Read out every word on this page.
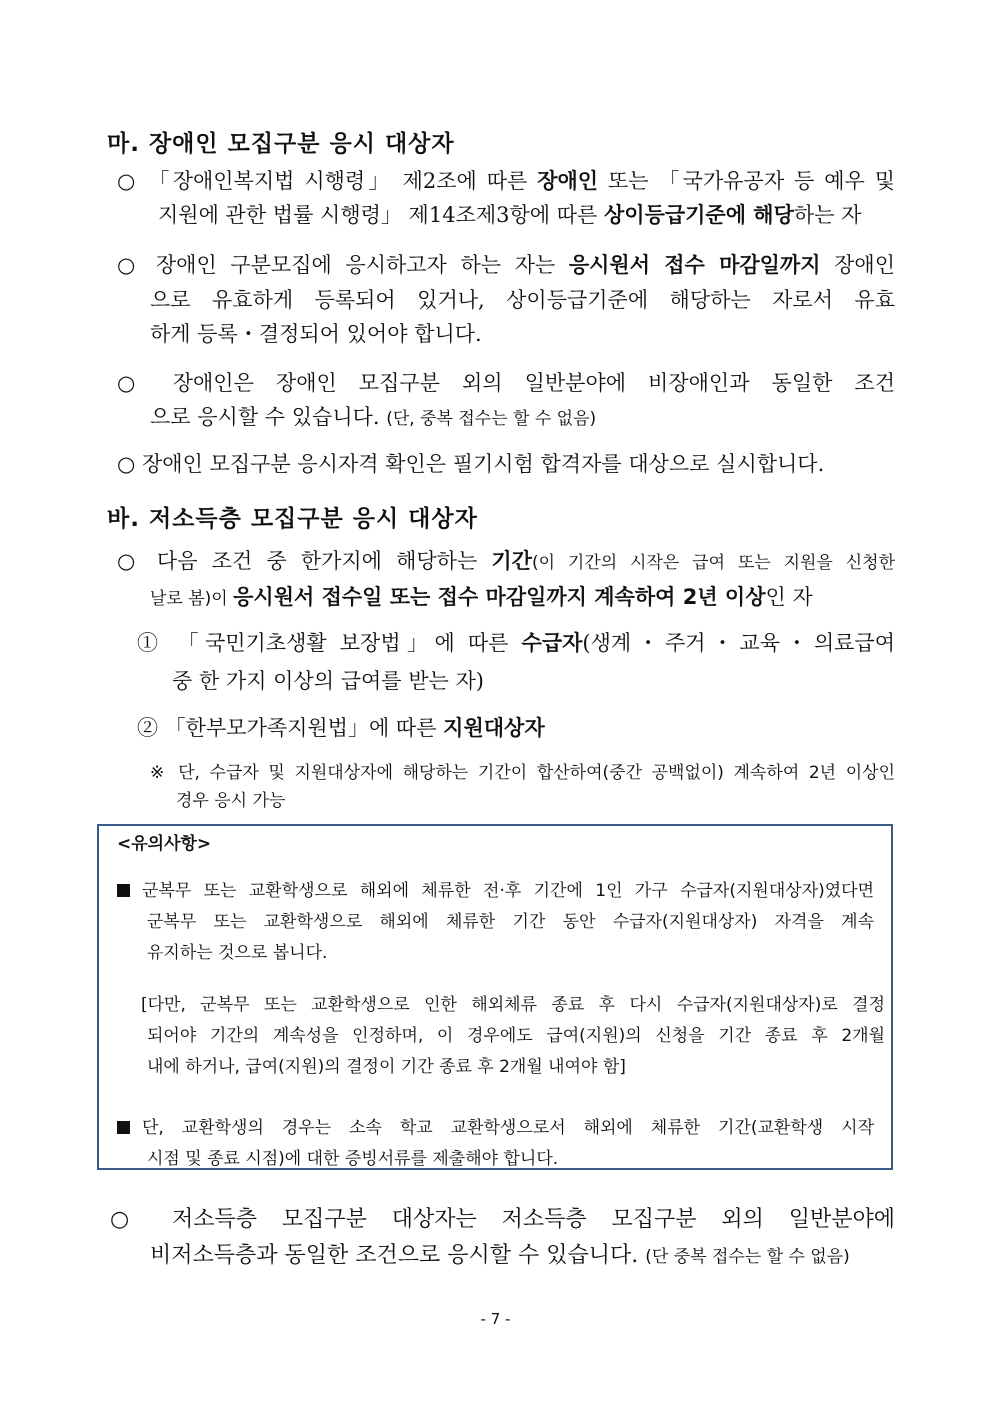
마. 장애인 모집구분 응시 대상자
○ 「장애인복지법 시행령」 제2조에 따른 장애인 또는 「국가유공자 등 예우 및
지원에 관한 법률 시행령」 제14조제3항에 따른 상이등급기준에 해당하는 자
○ 장애인 구분모집에 응시하고자 하는 자는 응시원서 접수 마감일까지 장애인
으로 유효하게 등록되어 있거나, 상이등급기준에 해당하는 자로서 유효
하게 등록・결정되어 있어야 합니다.
○ 장애인은 장애인 모집구분 외의 일반분야에 비장애인과 동일한 조건
으로 응시할 수 있습니다. (단, 중복 접수는 할 수 없음)
○ 장애인 모집구분 응시자격 확인은 필기시험 합격자를 대상으로 실시합니다.
바. 저소득층 모집구분 응시 대상자
○ 다음 조건 중 한가지에 해당하는 기간(이 기간의 시작은 급여 또는 지원을 신청한
날로 봄)이 응시원서 접수일 또는 접수 마감일까지 계속하여 2년 이상인 자
① 「국민기초생활 보장법」에 따른 수급자(생계・주거・교육・의료급여
중 한 가지 이상의 급여를 받는 자)
② 「한부모가족지원법」에 따른 지원대상자
※ 단, 수급자 및 지원대상자에 해당하는 기간이 합산하여(중간 공백없이) 계속하여 2년 이상인
경우 응시 가능
<유의사항>
군복무 또는 교환학생으로 해외에 체류한 전·후 기간에 1인 가구 수급자(지원대상자)였다면
군복무 또는 교환학생으로 해외에 체류한 기간 동안 수급자(지원대상자) 자격을 계속
유지하는 것으로 봅니다.
[다만, 군복무 또는 교환학생으로 인한 해외체류 종료 후 다시 수급자(지원대상자)로 결정
되어야 기간의 계속성을 인정하며, 이 경우에도 급여(지원)의 신청을 기간 종료 후 2개월
내에 하거나, 급여(지원)의 결정이 기간 종료 후 2개월 내여야 함]
단, 교환학생의 경우는 소속 학교 교환학생으로서 해외에 체류한 기간(교환학생 시작
시점 및 종료 시점)에 대한 증빙서류를 제출해야 합니다.
○ 저소득층 모집구분 대상자는 저소득층 모집구분 외의 일반분야에
비저소득층과 동일한 조건으로 응시할 수 있습니다. (단 중복 접수는 할 수 없음)
- 7 -
